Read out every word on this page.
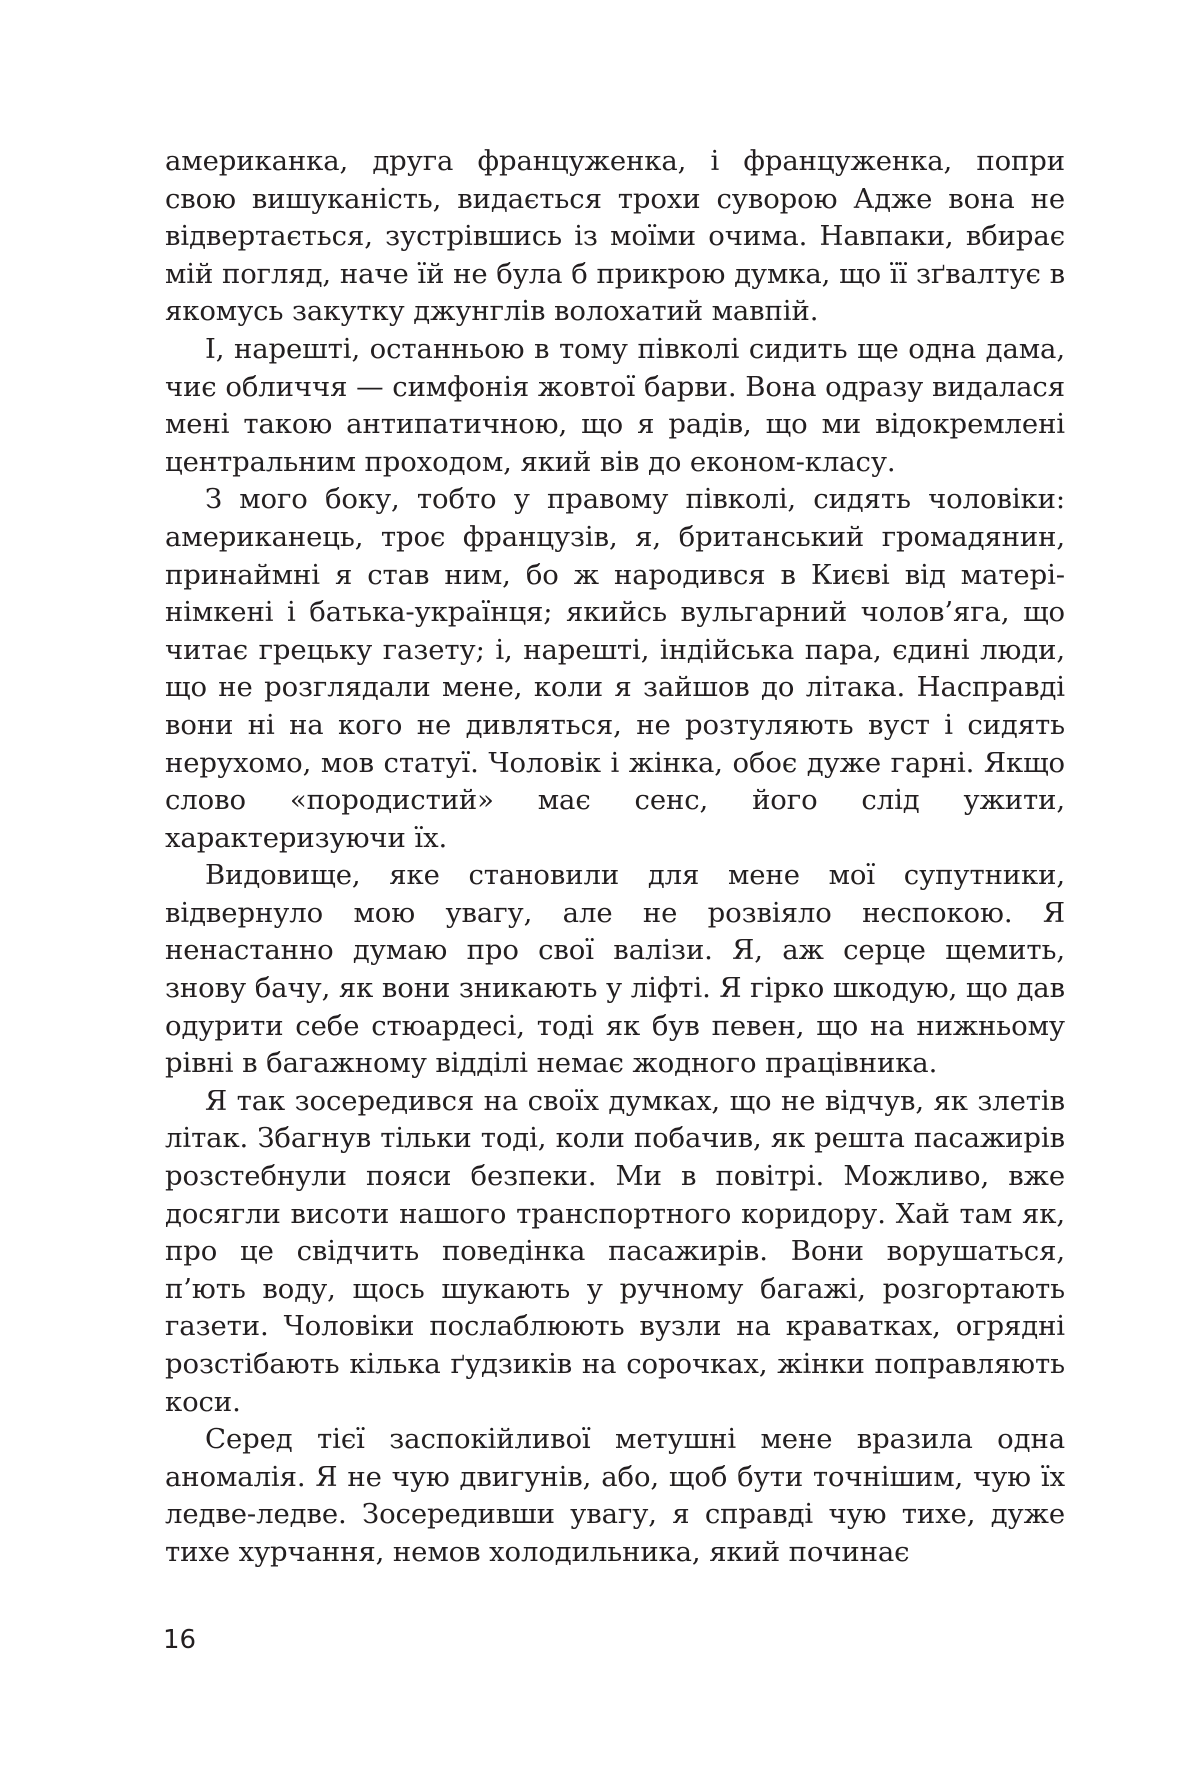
американка, друга француженка, і француженка, попри свою вишуканість, видається трохи суворою Адже вона не відвертається, зустрівшись із моїми очима. Навпаки, вбирає мій погляд, наче їй не була б прикрою думка, що її зґвалтує в якомусь закутку джунглів волохатий мавпій.

І, нарешті, останньою в тому півколі сидить ще одна дама, чиє обличчя — симфонія жовтої барви. Вона одразу видалася мені такою антипатичною, що я радів, що ми відокремлені центральним проходом, який вів до економ-класу.

З мого боку, тобто у правому півколі, сидять чоловіки: американець, троє французів, я, британський громадянин, принаймні я став ним, бо ж народився в Києві від матері-німкені і батька-українця; якийсь вульгарний чолов’яга, що читає грецьку газету; і, нарешті, індійська пара, єдині люди, що не розглядали мене, коли я зайшов до літака. Насправді вони ні на кого не дивляться, не розтуляють вуст і сидять нерухомо, мов статуї. Чоловік і жінка, обоє дуже гарні. Якщо слово «породистий» має сенс, його слід ужити, характеризуючи їх.

Видовище, яке становили для мене мої супутники, відвернуло мою увагу, але не розвіяло неспокою. Я ненастанно думаю про свої валізи. Я, аж серце щемить, знову бачу, як вони зникають у ліфті. Я гірко шкодую, що дав одурити себе стюардесі, тоді як був певен, що на нижньому рівні в багажному відділі немає жодного працівника.

Я так зосередився на своїх думках, що не відчув, як злетів літак. Збагнув тільки тоді, коли побачив, як решта пасажирів розстебнули пояси безпеки. Ми в повітрі. Можливо, вже досягли висоти нашого транспортного коридору. Хай там як, про це свідчить поведінка пасажирів. Вони ворушаться, п’ють воду, щось шукають у ручному багажі, розгортають газети. Чоловіки послаблюють вузли на краватках, огрядні розстібають кілька ґудзиків на сорочках, жінки поправляють коси.

Серед тієї заспокійливої метушні мене вразила одна аномалія. Я не чую двигунів, або, щоб бути точнішим, чую їх ледве-ледве. Зосередивши увагу, я справді чую тихе, дуже тихе хурчання, немов холодильника, який починає

16
